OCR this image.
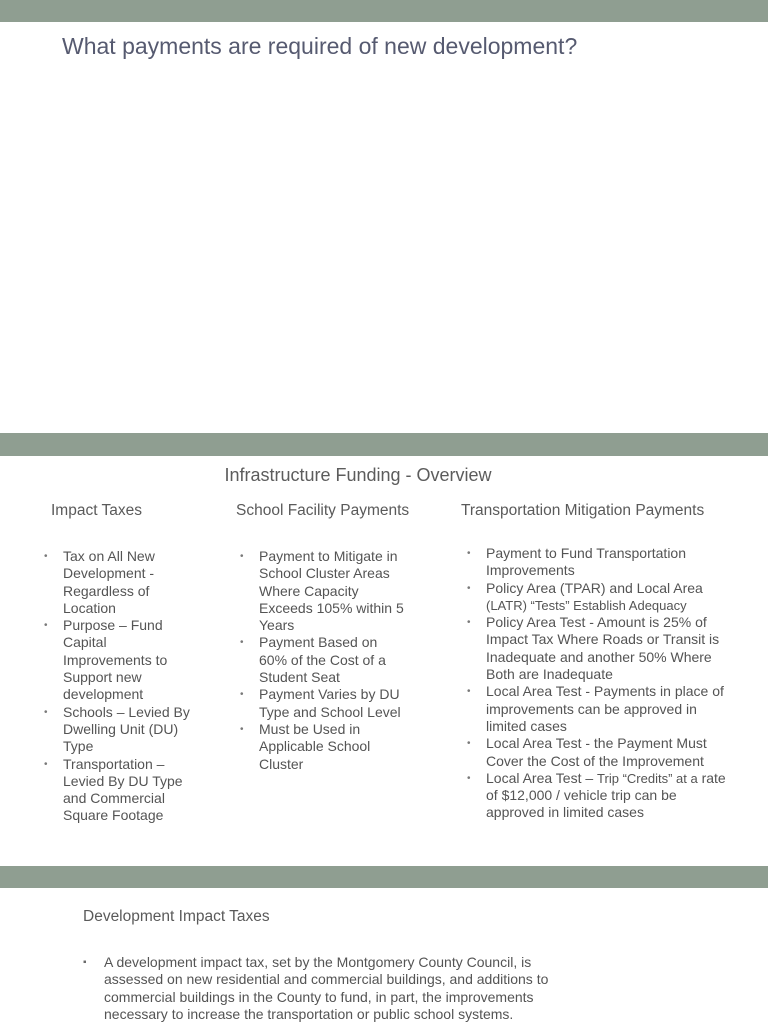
What payments are required of new development?
Infrastructure Funding - Overview
Impact Taxes	School Facility Payments	Transportation Mitigation Payments
• Tax on All New Development - Regardless of Location
• Purpose – Fund Capital Improvements to Support new development
• Schools – Levied By Dwelling Unit (DU) Type
• Transportation – Levied By DU Type and Commercial Square Footage
• Payment to Mitigate in School Cluster Areas Where Capacity Exceeds 105% within 5 Years
• Payment Based on 60% of the Cost of a Student Seat
• Payment Varies by DU Type and School Level
• Must be Used in Applicable School Cluster
• Payment to Fund Transportation Improvements
• Policy Area (TPAR) and Local Area
(LATR) “Tests” Establish Adequacy
• Policy Area Test - Amount is 25% of Impact Tax Where Roads or Transit is Inadequate and another 50% Where Both are Inadequate
• Local Area Test - Payments in place of improvements can be approved in limited cases
• Local Area Test - the Payment Must Cover the Cost of the Improvement
• Local Area Test – Trip “Credits” at a rate of $12,000 / vehicle trip can be approved in limited cases
Development Impact Taxes
▪ A development impact tax, set by the Montgomery County Council, is assessed on new residential and commercial buildings, and additions to commercial buildings in the County to fund, in part, the improvements necessary to increase the transportation or public school systems.
